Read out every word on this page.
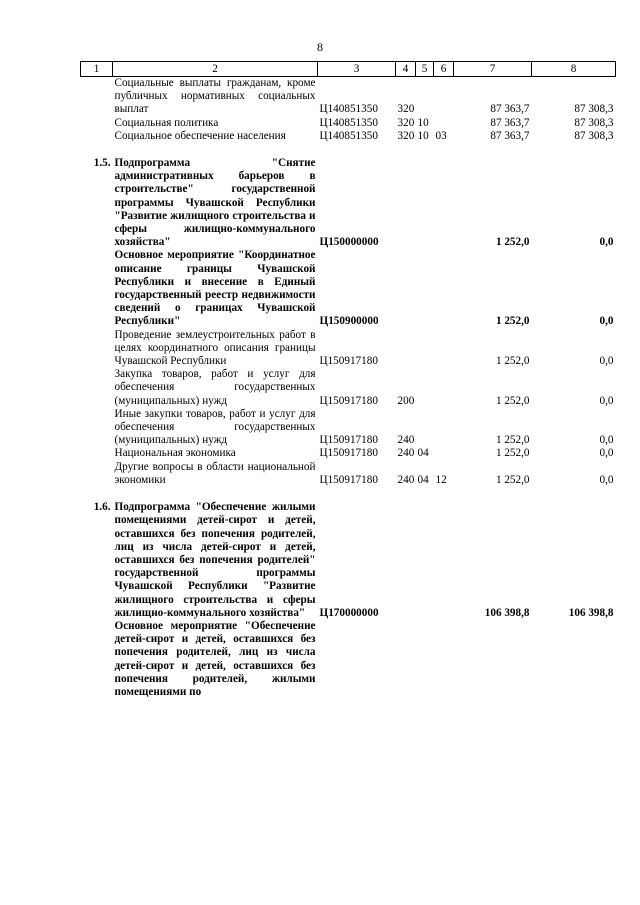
8
1	2	3	4	5	6	7	8
	Социальные выплаты гражданам, кроме публичных нормативных социальных выплат	Ц140851350	320			87 363,7	87 308,3
	Социальная политика	Ц140851350	320	10		87 363,7	87 308,3
	Социальное обеспечение населения	Ц140851350	320	10	03	87 363,7	87 308,3

1.5.	Подпрограмма "Снятие административных барьеров в строительстве" государственной программы Чувашской Республики "Развитие жилищного строительства и сферы жилищно-коммунального хозяйства"	Ц150000000				1 252,0	0,0
	Основное мероприятие "Координатное описание границы Чувашской Республики и внесение в Единый государственный реестр недвижимости сведений о границах Чувашской Республики"	Ц150900000				1 252,0	0,0
	Проведение землеустроительных работ в целях координатного описания границы Чувашской Республики	Ц150917180				1 252,0	0,0
	Закупка товаров, работ и услуг для обеспечения государственных (муниципальных) нужд	Ц150917180	200			1 252,0	0,0
	Иные закупки товаров, работ и услуг для обеспечения государственных (муниципальных) нужд	Ц150917180	240			1 252,0	0,0
	Национальная экономика	Ц150917180	240	04		1 252,0	0,0
	Другие вопросы в области национальной экономики	Ц150917180	240	04	12	1 252,0	0,0

1.6.	Подпрограмма "Обеспечение жилыми помещениями детей-сирот и детей, оставшихся без попечения родителей, лиц из числа детей-сирот и детей, оставшихся без попечения родителей" государственной программы Чувашской Республики "Развитие жилищного строительства и сферы жилищно-коммунального хозяйства"	Ц170000000				106 398,8	106 398,8
	Основное мероприятие "Обеспечение детей-сирот и детей, оставшихся без попечения родителей, лиц из числа детей-сирот и детей, оставшихся без попечения родителей, жилыми помещениями по						
